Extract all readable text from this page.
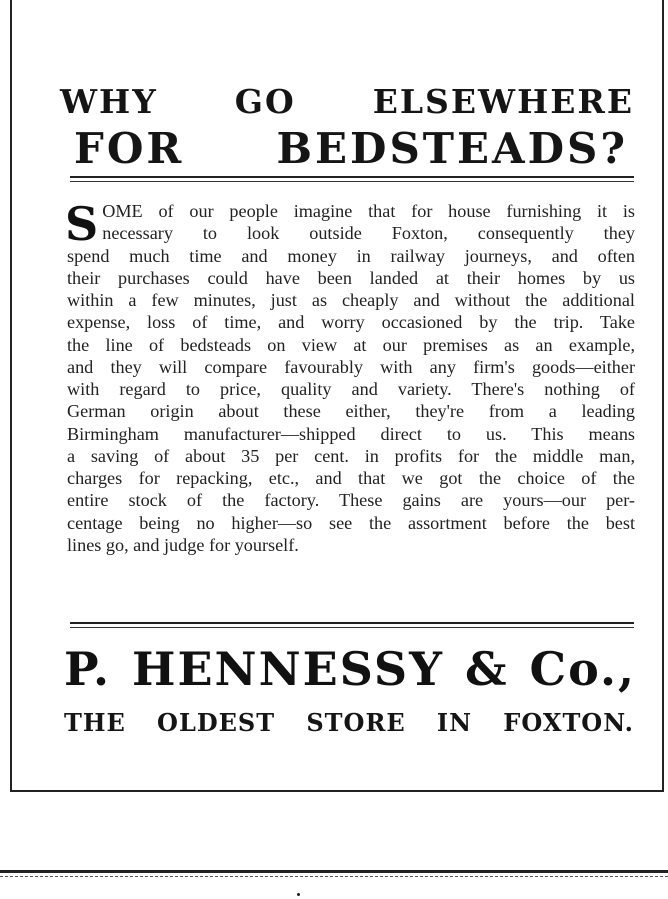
WHY GO ELSEWHERE
FOR BEDSTEADS?
S OME of our people imagine that for house furnishing it is
necessary to look outside Foxton, consequently they
spend much time and money in railway journeys, and often
their purchases could have been landed at their homes by us
within a few minutes, just as cheaply and without the additional
expense, loss of time, and worry occasioned by the trip. Take
the line of bedsteads on view at our premises as an example,
and they will compare favourably with any firm's goods—either
with regard to price, quality and variety. There's nothing of
German origin about these either, they're from a leading
Birmingham manufacturer—shipped direct to us. This means
a saving of about 35 per cent. in profits for the middle man,
charges for repacking, etc., and that we got the choice of the
entire stock of the factory. These gains are yours—our per-
centage being no higher—so see the assortment before the best
lines go, and judge for yourself.
P. HENNESSY & Co.,
THE OLDEST STORE IN FOXTON.
